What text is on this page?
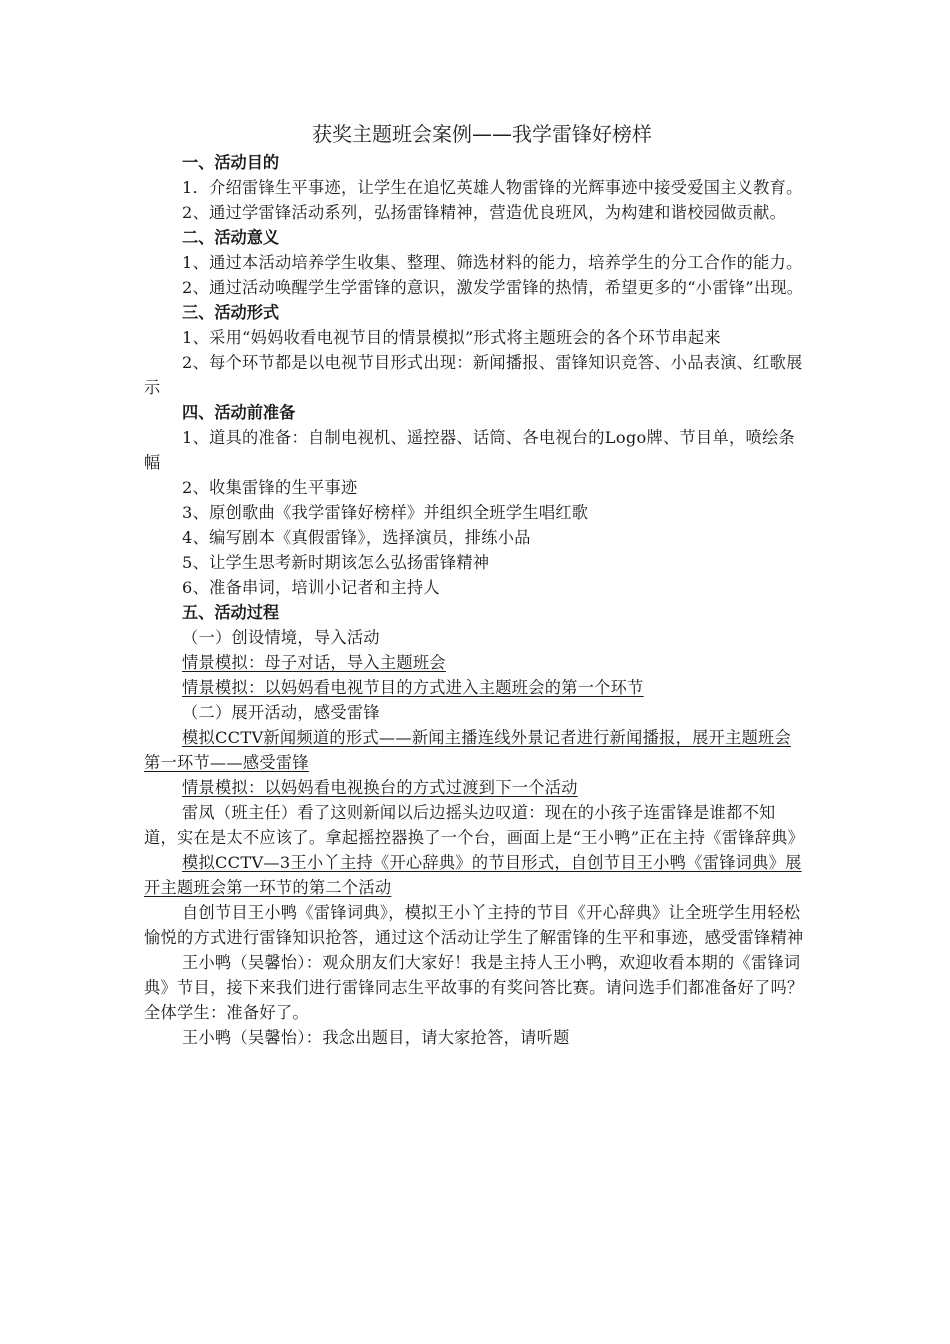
获奖主题班会案例——我学雷锋好榜样
一、活动目的

1．介绍雷锋生平事迹，让学生在追忆英雄人物雷锋的光辉事迹中接受爱国主义教育。

2、通过学雷锋活动系列，弘扬雷锋精神，营造优良班风，为构建和谐校园做贡献。

二、活动意义

1、通过本活动培养学生收集、整理、筛选材料的能力，培养学生的分工合作的能力。

2、通过活动唤醒学生学雷锋的意识，激发学雷锋的热情，希望更多的“小雷锋”出现。

三、活动形式

1、采用“妈妈收看电视节目的情景模拟”形式将主题班会的各个环节串起来

2、每个环节都是以电视节目形式出现：新闻播报、雷锋知识竞答、小品表演、红歌展示

四、活动前准备

1、道具的准备：自制电视机、遥控器、话筒、各电视台的Logo牌、节目单，喷绘条幅

2、收集雷锋的生平事迹

3、原创歌曲《我学雷锋好榜样》并组织全班学生唱红歌

4、编写剧本《真假雷锋》，选择演员，排练小品

5、让学生思考新时期该怎么弘扬雷锋精神

6、准备串词，培训小记者和主持人

五、活动过程

（一）创设情境，导入活动

情景模拟：母子对话，导入主题班会

情景模拟：以妈妈看电视节目的方式进入主题班会的第一个环节

（二）展开活动，感受雷锋

模拟CCTV新闻频道的形式——新闻主播连线外景记者进行新闻播报，展开主题班会第一环节——感受雷锋

情景模拟：以妈妈看电视换台的方式过渡到下一个活动

雷凤（班主任）看了这则新闻以后边摇头边叹道：现在的小孩子连雷锋是谁都不知道，实在是太不应该了。拿起摇控器换了一个台，画面上是“王小鸭”正在主持《雷锋辞典》

模拟CCTV—3王小丫主持《开心辞典》的节目形式，自创节目王小鸭《雷锋词典》展开主题班会第一环节的第二个活动

自创节目王小鸭《雷锋词典》，模拟王小丫主持的节目《开心辞典》让全班学生用轻松愉悦的方式进行雷锋知识抢答，通过这个活动让学生了解雷锋的生平和事迹，感受雷锋精神

王小鸭（吴馨怡）：观众朋友们大家好！我是主持人王小鸭，欢迎收看本期的《雷锋词典》节目，接下来我们进行雷锋同志生平故事的有奖问答比赛。请问选手们都准备好了吗？全体学生：准备好了。

王小鸭（吴馨怡）：我念出题目，请大家抢答，请听题
